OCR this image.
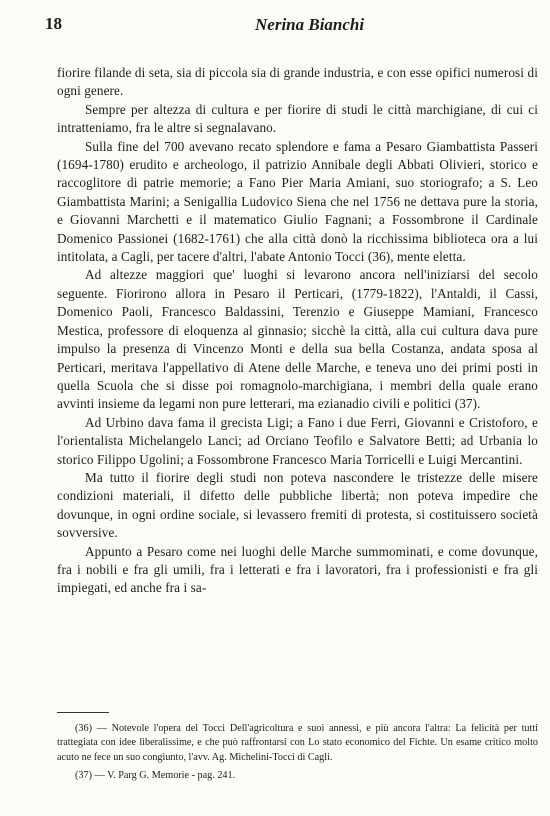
18	Nerina Bianchi

fiorire filande di seta, sia di piccola sia di grande industria, e con esse opifici numerosi di ogni genere.

Sempre per altezza di cultura e per fiorire di studi le città marchigiane, di cui ci intratteniamo, fra le altre si segnalavano.

Sulla fine del 700 avevano recato splendore e fama a Pesaro Giambattista Passeri (1694-1780) erudito e archeologo, il patrizio Annibale degli Abbati Olivieri, storico e raccoglitore di patrie memorie; a Fano Pier Maria Amiani, suo storiografo; a S. Leo Giambattista Marini; a Senigallia Ludovico Siena che nel 1756 ne dettava pure la storia, e Giovanni Marchetti e il matematico Giulio Fagnani; a Fossombrone il Cardinale Domenico Passionei (1682-1761) che alla città donò la ricchissima biblioteca ora a lui intitolata, a Cagli, per tacere d'altri, l'abate Antonio Tocci (36), mente eletta.

Ad altezze maggiori que' luoghi si levarono ancora nell'iniziarsi del secolo seguente. Fiorirono allora in Pesaro il Perticari, (1779-1822), l'Antaldi, il Cassi, Domenico Paoli, Francesco Baldassini, Terenzio e Giuseppe Mamiani, Francesco Mestica, professore di eloquenza al ginnasio; sicchè la città, alla cui cultura dava pure impulso la presenza di Vincenzo Monti e della sua bella Costanza, andata sposa al Perticari, meritava l'appellativo di Atene delle Marche, e teneva uno dei primi posti in quella Scuola che si disse poi romagnolo-marchigiana, i membri della quale erano avvinti insieme da legami non pure letterari, ma ezianadio civili e politici (37).

Ad Urbino dava fama il grecista Ligi; a Fano i due Ferri, Giovanni e Cristoforo, e l'orientalista Michelangelo Lanci; ad Orciano Teofilo e Salvatore Betti; ad Urbania lo storico Filippo Ugolini; a Fossombrone Francesco Maria Torricelli e Luigi Mercantini.

Ma tutto il fiorire degli studi non poteva nascondere le tristezze delle misere condizioni materiali, il difetto delle pubbliche libertà; non poteva impedire che dovunque, in ogni ordine sociale, si levassero fremiti di protesta, si costituissero società sovversive.

Appunto a Pesaro come nei luoghi delle Marche summominati, e come dovunque, fra i nobili e fra gli umili, fra i letterati e fra i lavoratori, fra i professionisti e fra gli impiegati, ed anche fra i sa-

(36) — Notevole l'opera del Tocci Dell'agricoltura e suoi annessi, e più ancora l'altra: La felicità per tutti trattegiata con idee liberalissime, e che può raffrontarsi con Lo stato economico del Fichte. Un esame critico molto acuto ne fece un suo congiunto, l'avv. Ag. Michelini-Tocci di Cagli.

(37) — V. Parg G. Memorie - pag. 241.
